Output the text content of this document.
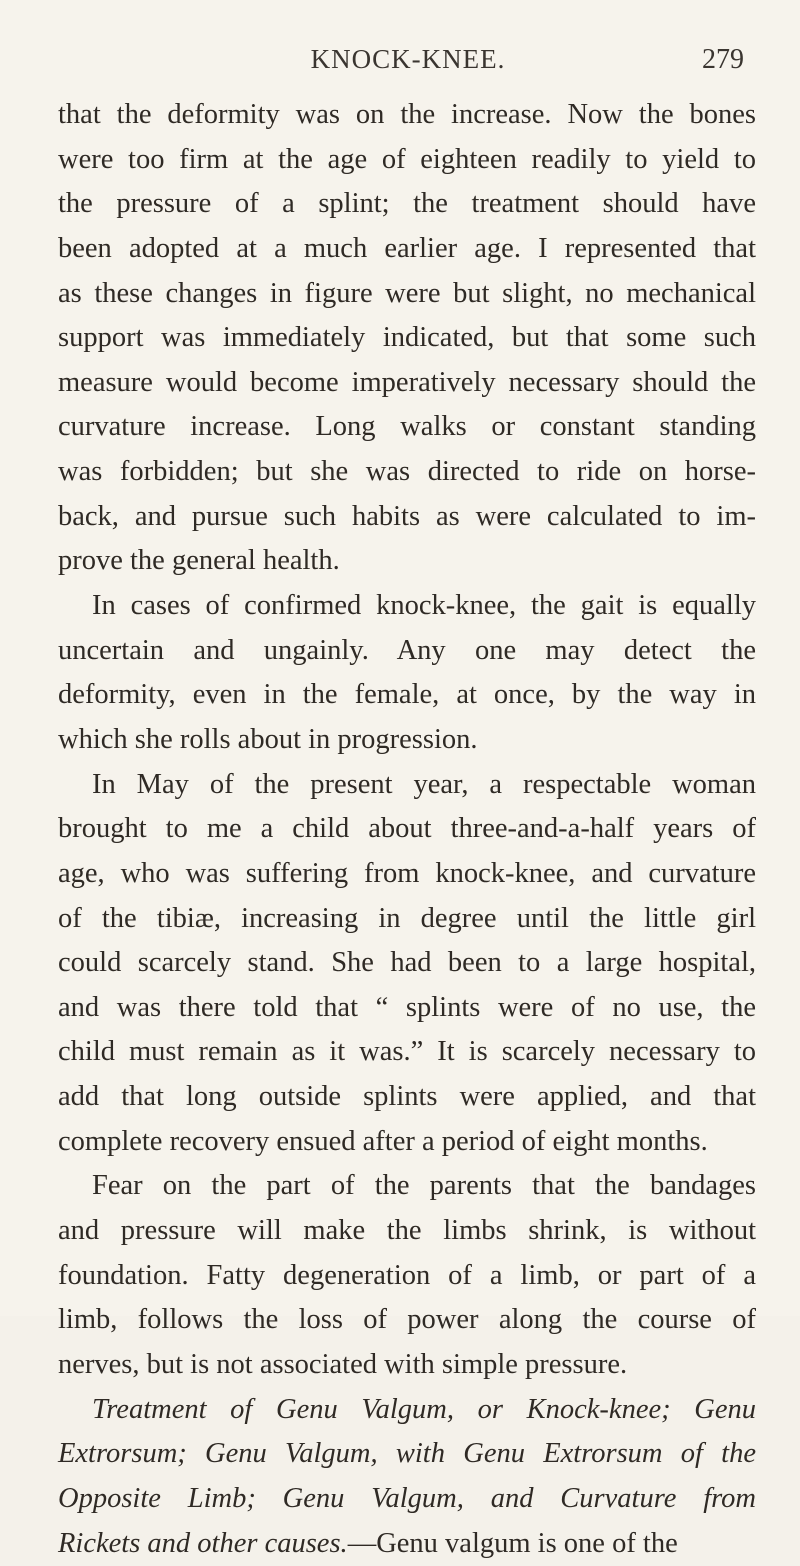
KNOCK-KNEE.	279
that the deformity was on the increase. Now the bones
were too firm at the age of eighteen readily to yield to
the pressure of a splint; the treatment should have
been adopted at a much earlier age. I represented that
as these changes in figure were but slight, no mechanical
support was immediately indicated, but that some such
measure would become imperatively necessary should the
curvature increase. Long walks or constant standing
was forbidden; but she was directed to ride on horse-
back, and pursue such habits as were calculated to im-
prove the general health.
In cases of confirmed knock-knee, the gait is equally
uncertain and ungainly. Any one may detect the
deformity, even in the female, at once, by the way in
which she rolls about in progression.
In May of the present year, a respectable woman
brought to me a child about three-and-a-half years of
age, who was suffering from knock-knee, and curvature
of the tibiæ, increasing in degree until the little girl
could scarcely stand. She had been to a large hospital,
and was there told that “ splints were of no use, the
child must remain as it was.” It is scarcely necessary to
add that long outside splints were applied, and that
complete recovery ensued after a period of eight months.
Fear on the part of the parents that the bandages
and pressure will make the limbs shrink, is without
foundation. Fatty degeneration of a limb, or part of a
limb, follows the loss of power along the course of
nerves, but is not associated with simple pressure.
Treatment of Genu Valgum, or Knock-knee; Genu
Extrorsum; Genu Valgum, with Genu Extrorsum of the
Opposite Limb; Genu Valgum, and Curvature from
Rickets and other causes.—Genu valgum is one of the
